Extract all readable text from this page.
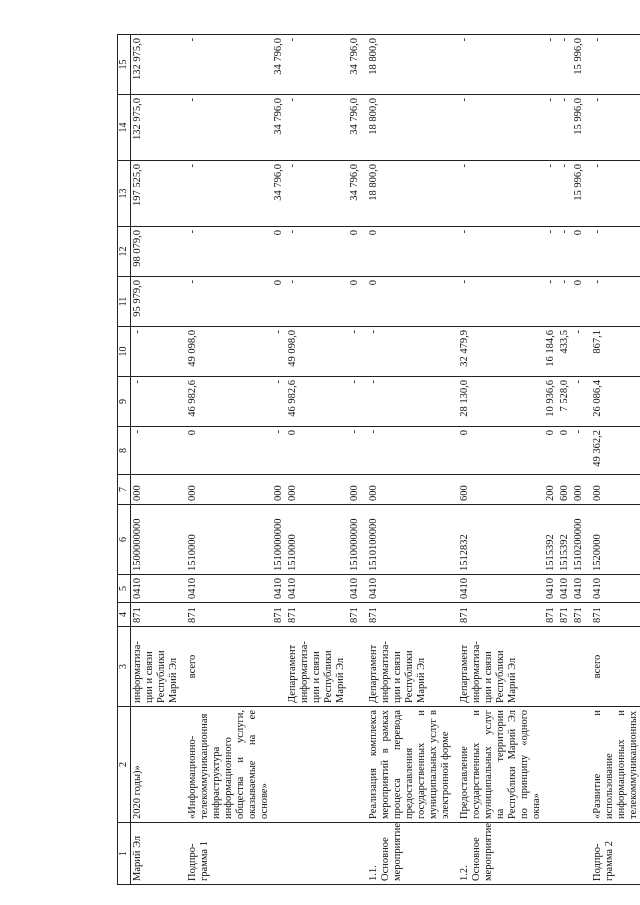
1	2	3	4	5	6	7	8	9	10	11	12	13	14	15
Марий Эл	2020 годы)»	информатиза-ции и связи Республики Марий Эл	871	0410	1500000000	000	-	-	-	95 979,0	98 079,0	197 525,0	132 975,0	132 975,0
Подпро-грамма 1	«Информационно-телекоммуникационная инфраструктура информационного общества и услуги, оказываемые на ее основе»	всего	871	0410	1510000	000	0	46 982,6	49 098,0	-	-	-	-	-
			871	0410	1510000000	000	-	-	-	0	0	34 796,0	34 796,0	34 796,0
		Департамент информатиза-ции и связи Республики Марий Эл	871	0410	1510000	000	0	46 982,6	49 098,0	-	-	-	-	-
			871	0410	1510000000	000	-	-	-	0	0	34 796,0	34 796,0	34 796,0
1.1. Основное мероприятие	Реализация комплекса мероприятий в рамках процесса перевода предоставления государственных и муниципальных услуг в электронной форме	Департамент информатиза-ции и связи Республики Марий Эл	871	0410	1510100000	000	-	-	-	0	0	18 800,0	18 800,0	18 800,0
1.2. Основное мероприятие	Предоставление государственных и муниципальных услуг на территории Республики Марий Эл по принципу «одного окна»	Департамент информатиза-ции и связи Республики Марий Эл	871	0410	1512832	600	0	28 130,0	32 479,9	-	-	-	-	-
			871	0410	1515392	200	0	10 936,6	16 184,6	-	-	-	-	-
			871	0410	1515392	600	0	7 528,0	433,5	-	-	-	-	-
			871	0410	1510200000	000	-	-	-	0	0	15 996,0	15 996,0	15 996,0
Подпро-грамма 2	«Развитие и использование информационных и телекоммуникационных	всего	871	0410	1520000	000	49 362,2	26 086,4	867,1	-	-	-	-	-
